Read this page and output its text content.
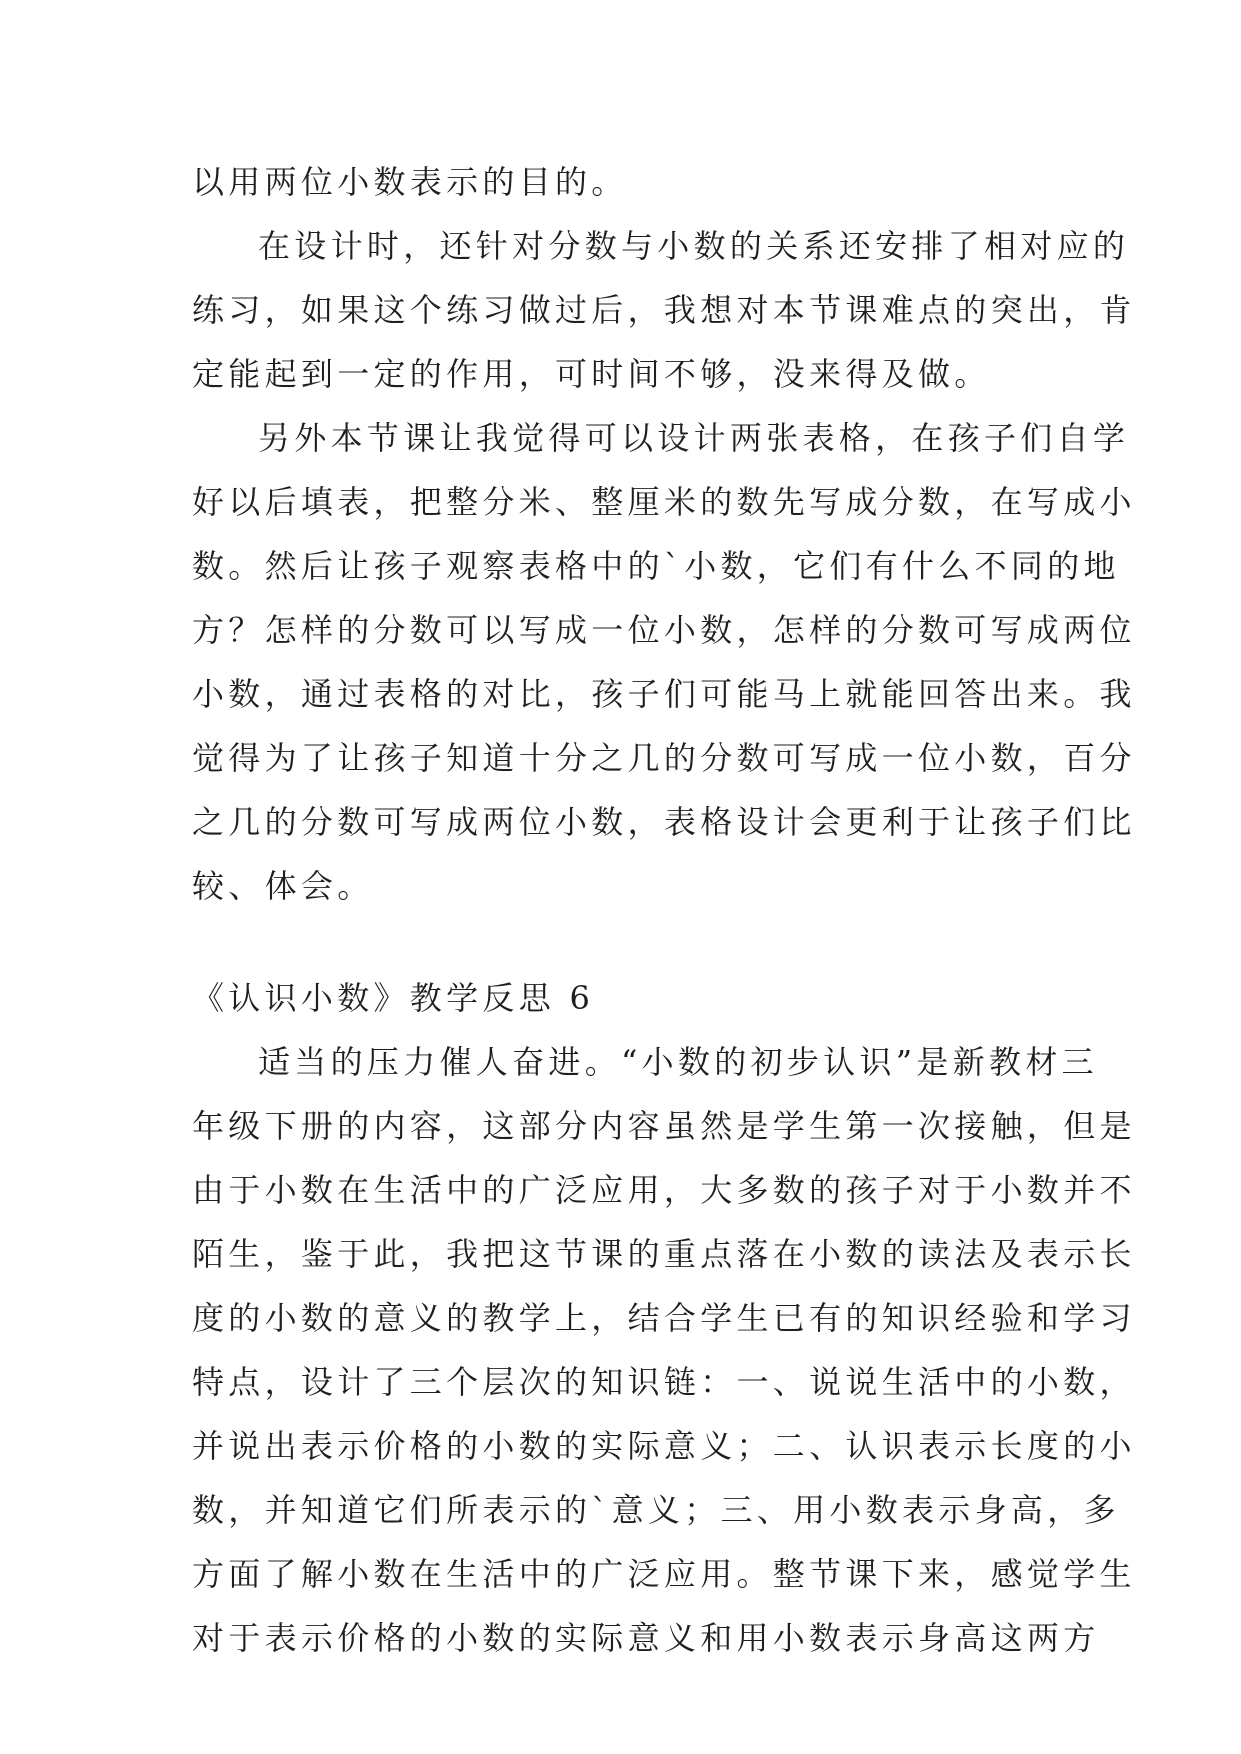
以用两位小数表示的目的。

在设计时，还针对分数与小数的关系还安排了相对应的

练习，如果这个练习做过后，我想对本节课难点的突出，肯

定能起到一定的作用，可时间不够，没来得及做。

另外本节课让我觉得可以设计两张表格，在孩子们自学

好以后填表，把整分米、整厘米的数先写成分数，在写成小

数。然后让孩子观察表格中的`小数，它们有什么不同的地

方？怎样的分数可以写成一位小数，怎样的分数可写成两位

小数，通过表格的对比，孩子们可能马上就能回答出来。我

觉得为了让孩子知道十分之几的分数可写成一位小数，百分

之几的分数可写成两位小数，表格设计会更利于让孩子们比

较、体会。

《认识小数》教学反思 6

适当的压力催人奋进。“小数的初步认识”是新教材三

年级下册的内容，这部分内容虽然是学生第一次接触，但是

由于小数在生活中的广泛应用，大多数的孩子对于小数并不

陌生，鉴于此，我把这节课的重点落在小数的读法及表示长

度的小数的意义的教学上，结合学生已有的知识经验和学习

特点，设计了三个层次的知识链：一、说说生活中的小数，

并说出表示价格的小数的实际意义；二、认识表示长度的小

数，并知道它们所表示的`意义；三、用小数表示身高，多

方面了解小数在生活中的广泛应用。整节课下来，感觉学生

对于表示价格的小数的实际意义和用小数表示身高这两方
